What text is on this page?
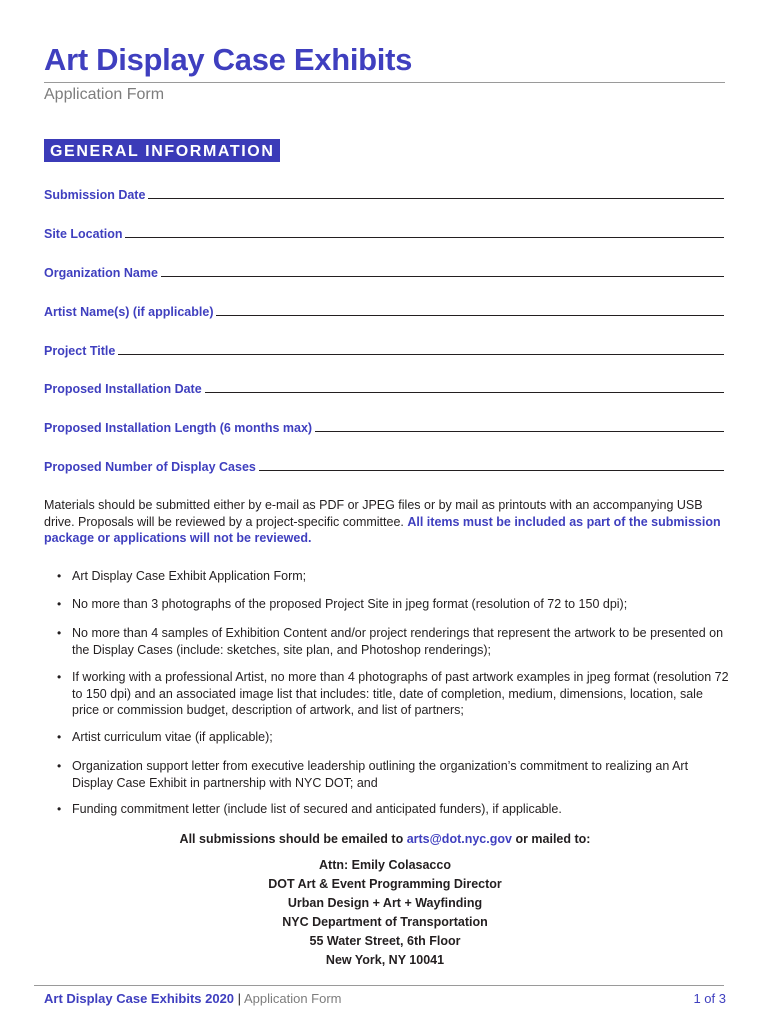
Art Display Case Exhibits
Application Form
GENERAL INFORMATION
Submission Date
Site Location
Organization Name
Artist Name(s) (if applicable)
Project Title
Proposed Installation Date
Proposed Installation Length (6 months max)
Proposed Number of Display Cases

Materials should be submitted either by e-mail as PDF or JPEG files or by mail as printouts with an accompanying USB drive. Proposals will be reviewed by a project-specific committee. All items must be included as part of the submission package or applications will not be reviewed.

• Art Display Case Exhibit Application Form;
• No more than 3 photographs of the proposed Project Site in jpeg format (resolution of 72 to 150 dpi);
• No more than 4 samples of Exhibition Content and/or project renderings that represent the artwork to be presented on the Display Cases (include: sketches, site plan, and Photoshop renderings);
• If working with a professional Artist, no more than 4 photographs of past artwork examples in jpeg format (resolution 72 to 150 dpi) and an associated image list that includes: title, date of completion, medium, dimensions, location, sale price or commission budget, description of artwork, and list of partners;
• Artist curriculum vitae (if applicable);
• Organization support letter from executive leadership outlining the organization’s commitment to realizing an Art Display Case Exhibit in partnership with NYC DOT; and
• Funding commitment letter (include list of secured and anticipated funders), if applicable.
All submissions should be emailed to arts@dot.nyc.gov or mailed to:
Attn: Emily Colasacco
DOT Art & Event Programming Director
Urban Design + Art + Wayfinding
NYC Department of Transportation
55 Water Street, 6th Floor
New York, NY 10041
Art Display Case Exhibits 2020 | Application Form	1 of 3
